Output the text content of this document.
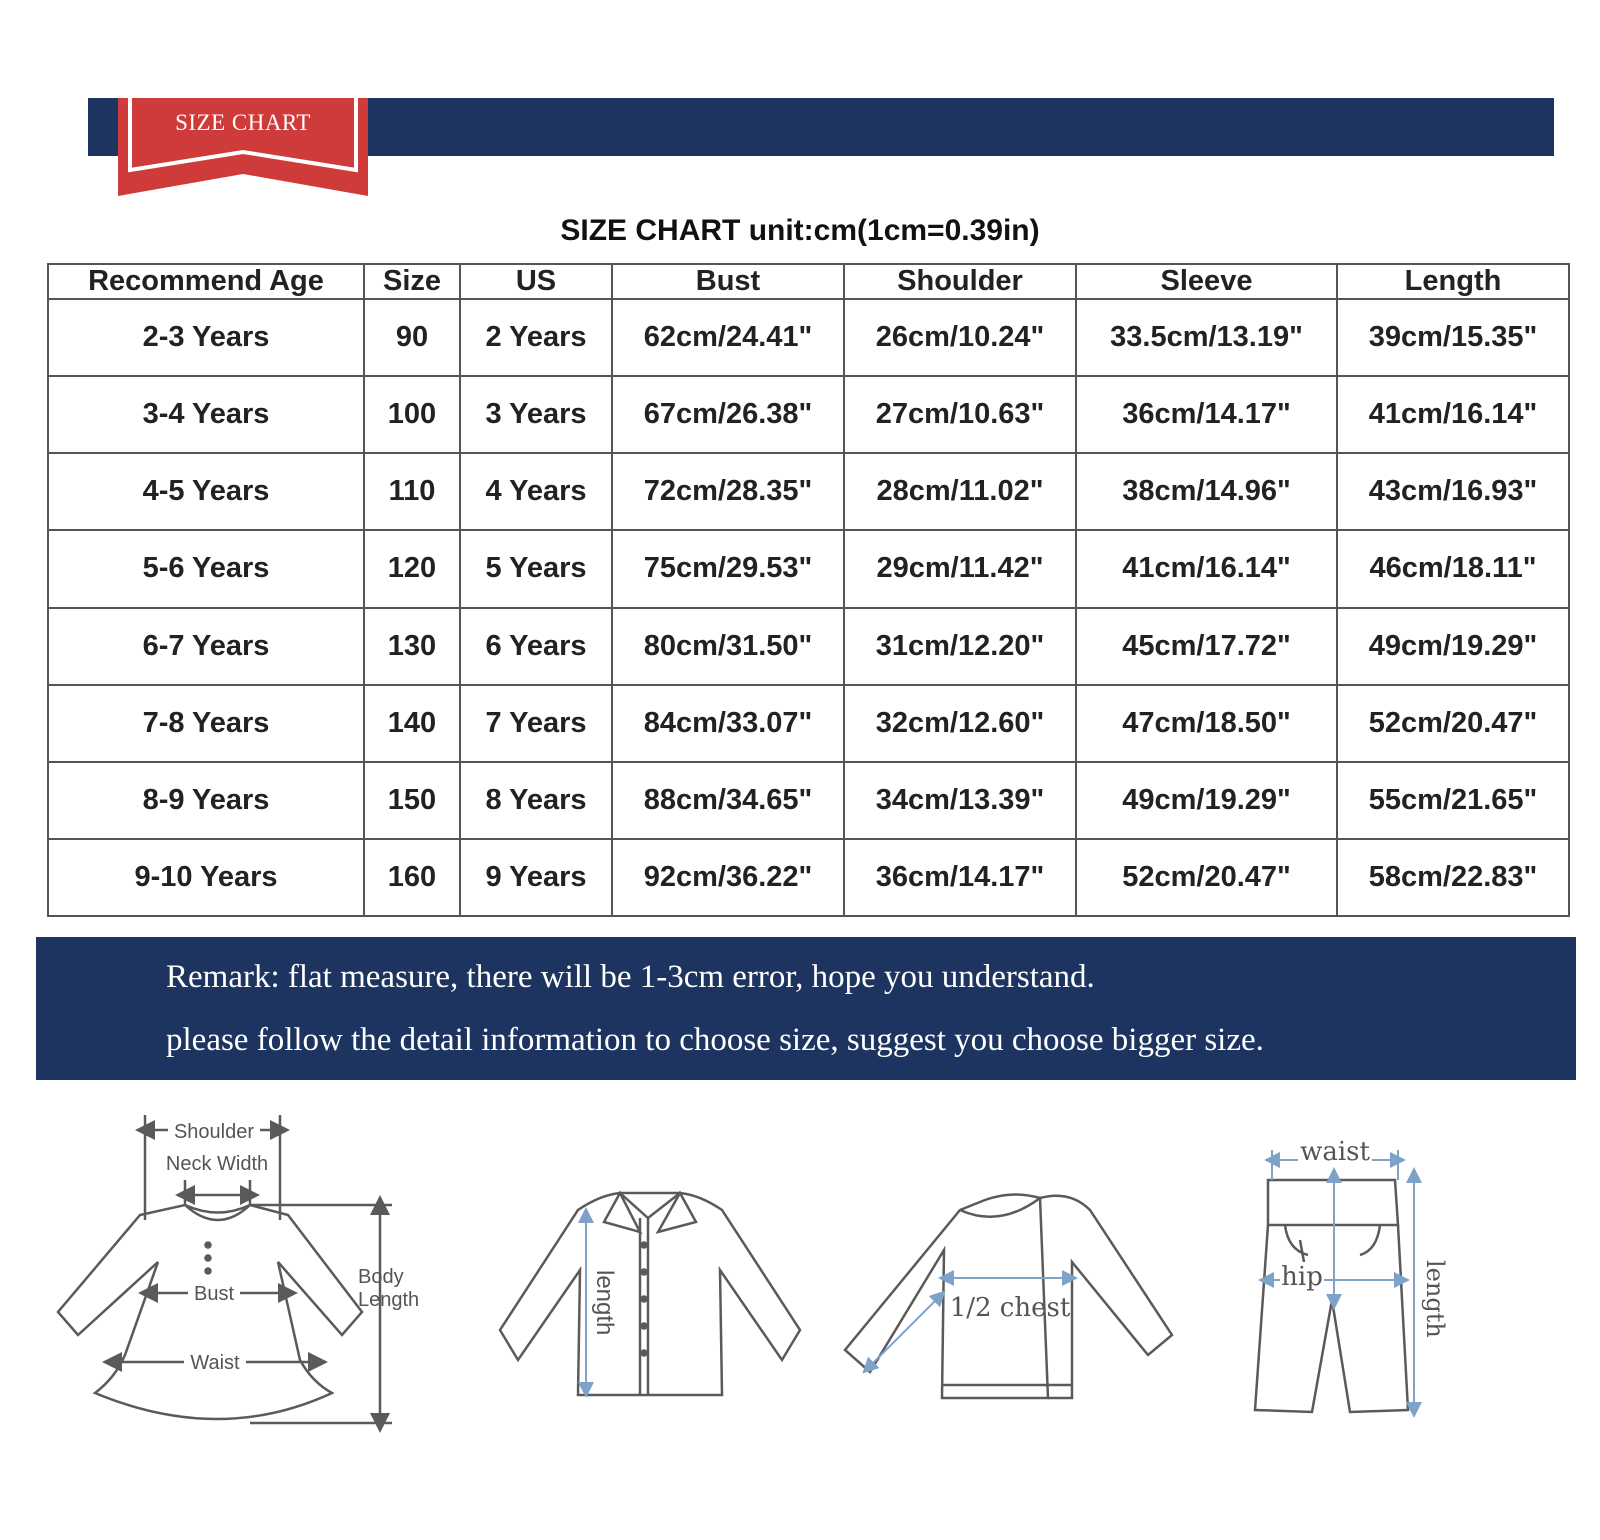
SIZE CHART
SIZE CHART unit:cm(1cm=0.39in)
Recommend Age	Size	US	Bust	Shoulder	Sleeve	Length
2-3 Years	90	2 Years	62cm/24.41"	26cm/10.24"	33.5cm/13.19"	39cm/15.35"
3-4 Years	100	3 Years	67cm/26.38"	27cm/10.63"	36cm/14.17"	41cm/16.14"
4-5 Years	110	4 Years	72cm/28.35"	28cm/11.02"	38cm/14.96"	43cm/16.93"
5-6 Years	120	5 Years	75cm/29.53"	29cm/11.42"	41cm/16.14"	46cm/18.11"
6-7 Years	130	6 Years	80cm/31.50"	31cm/12.20"	45cm/17.72"	49cm/19.29"
7-8 Years	140	7 Years	84cm/33.07"	32cm/12.60"	47cm/18.50"	52cm/20.47"
8-9 Years	150	8 Years	88cm/34.65"	34cm/13.39"	49cm/19.29"	55cm/21.65"
9-10 Years	160	9 Years	92cm/36.22"	36cm/14.17"	52cm/20.47"	58cm/22.83"
Remark: flat measure, there will be 1-3cm error, hope you understand.
please follow the detail information to choose size, suggest you choose bigger size.
Shoulder
Neck Width
Bust
Waist
Body
Length	length	1/2 chest
waist
hip	length
